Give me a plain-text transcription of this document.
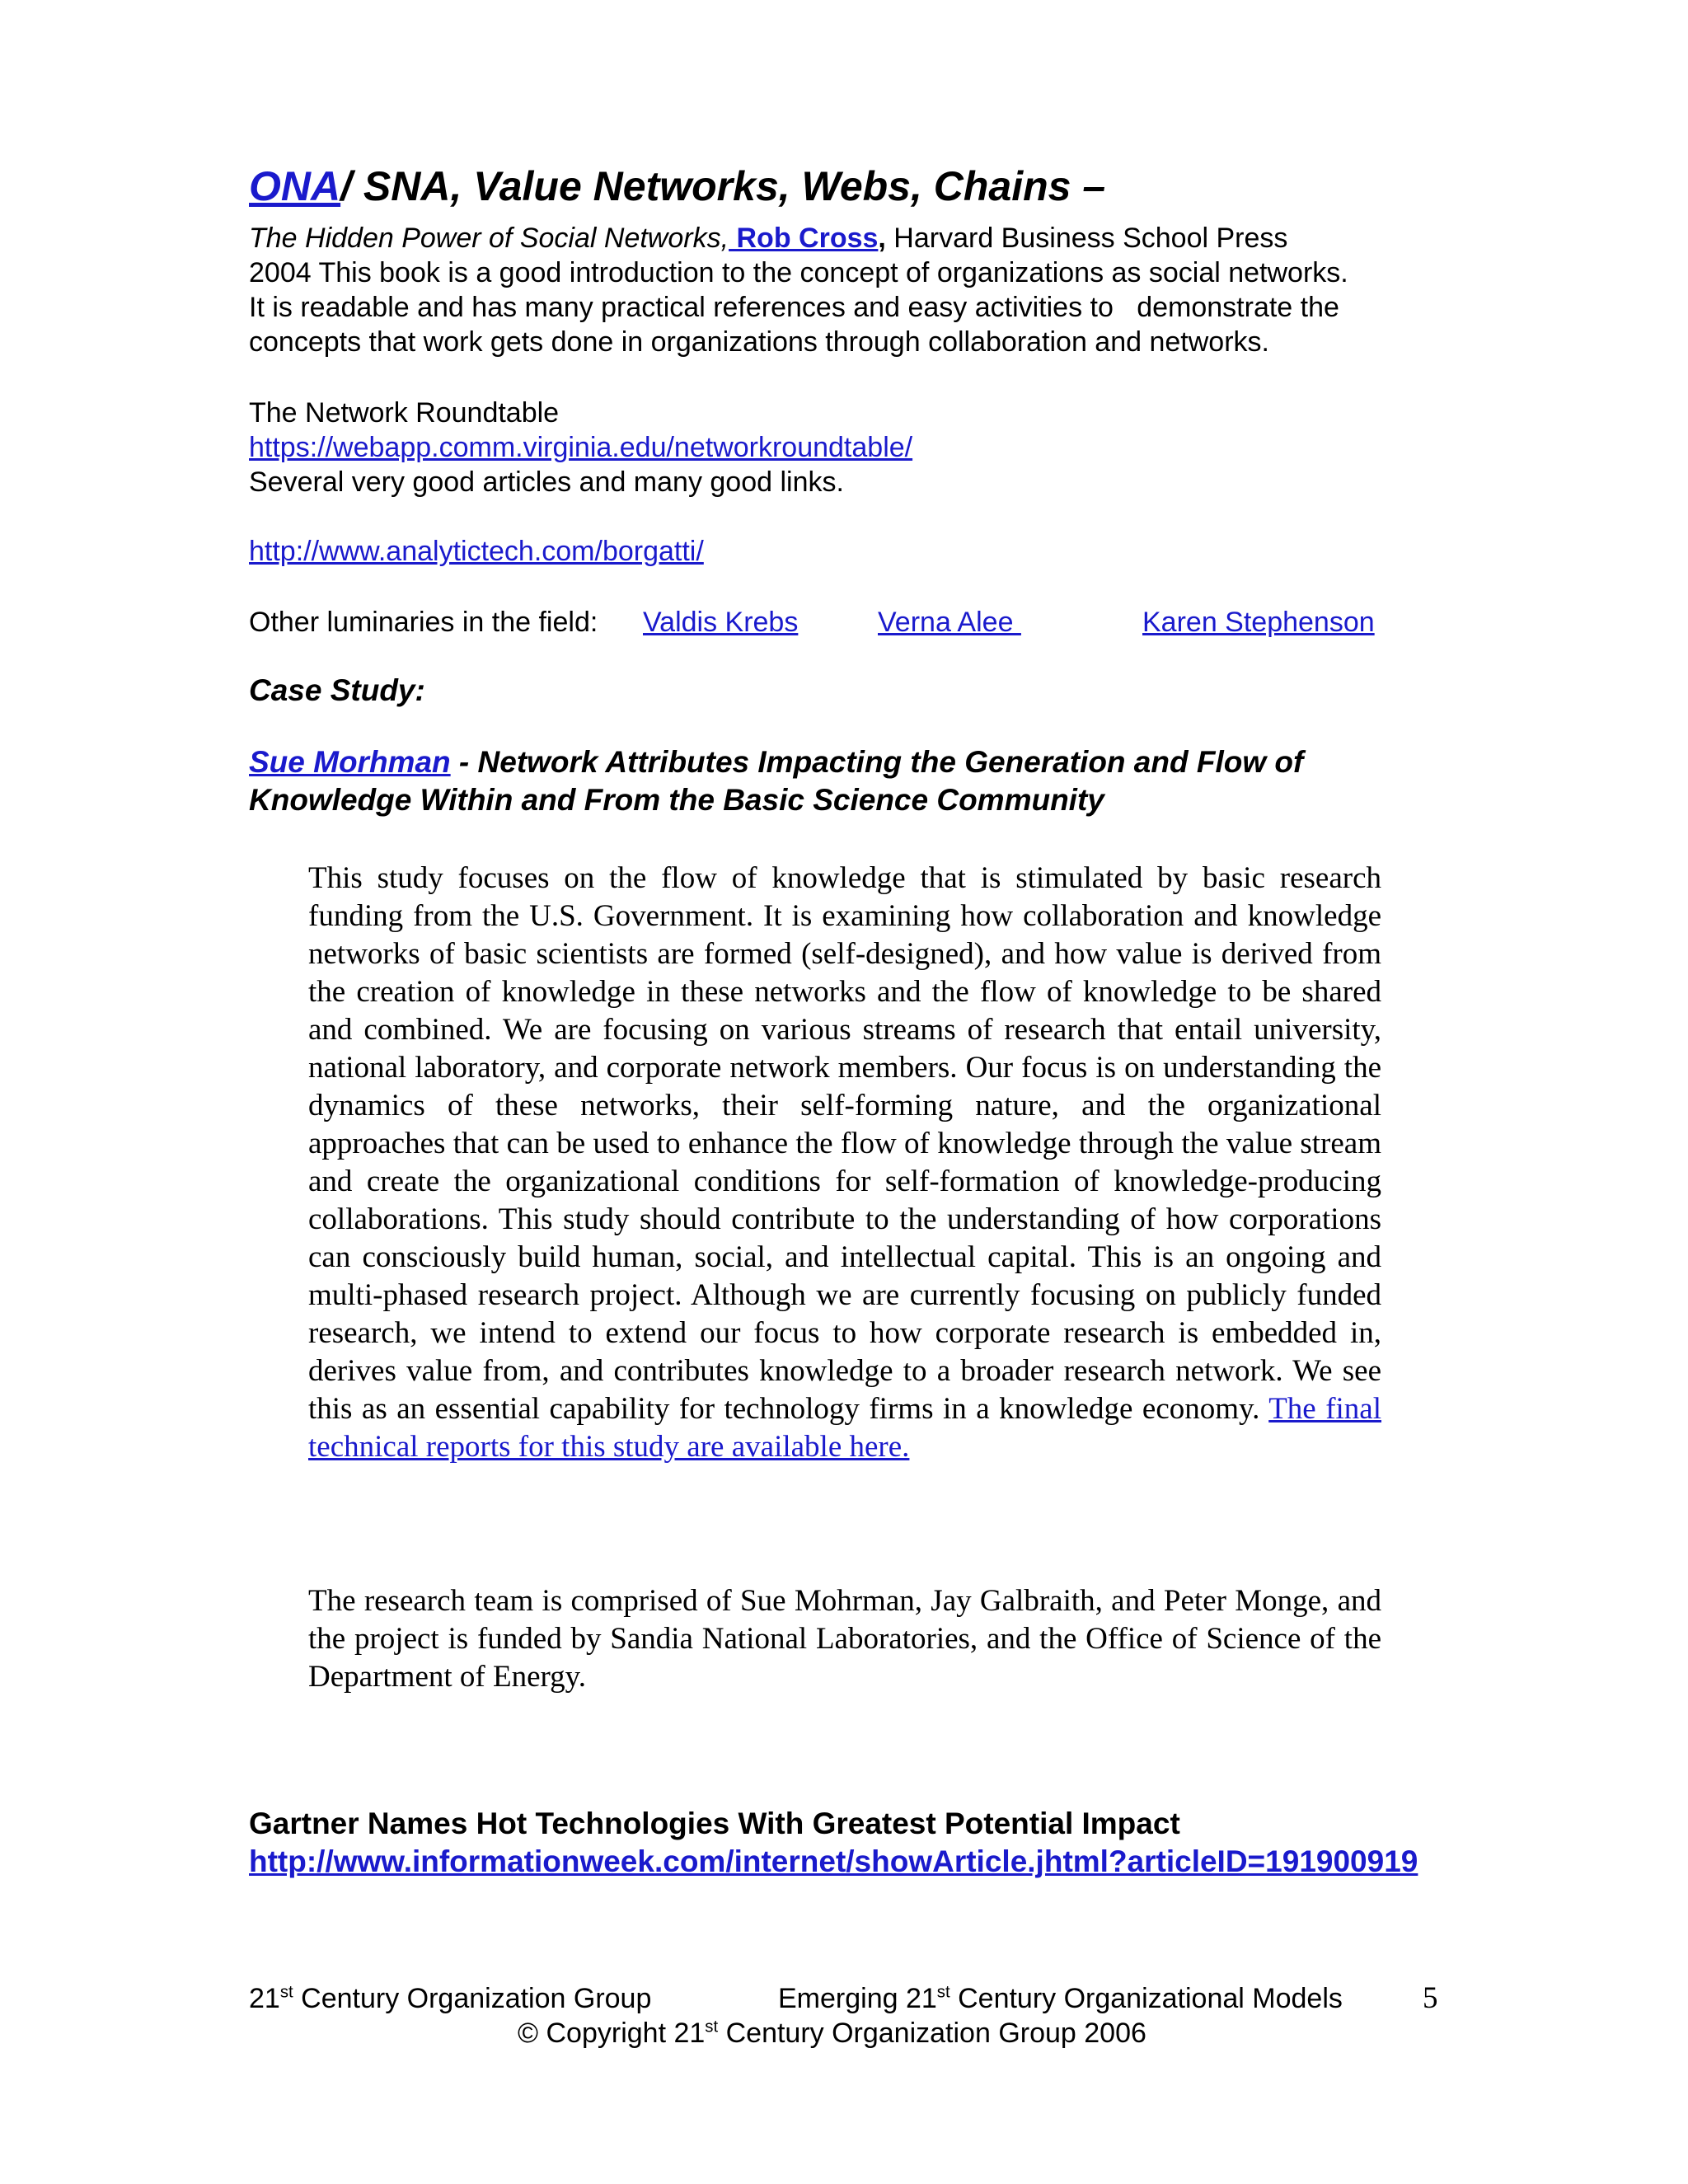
ONA/ SNA, Value Networks, Webs, Chains –
The Hidden Power of Social Networks, Rob Cross, Harvard Business School Press
2004 This book is a good introduction to the concept of organizations as social networks.
It is readable and has many practical references and easy activities to   demonstrate the
concepts that work gets done in organizations through collaboration and networks.
The Network Roundtable
https://webapp.comm.virginia.edu/networkroundtable/
Several very good articles and many good links.
http://www.analytictech.com/borgatti/
Other luminaries in the field: Valdis Krebs	Verna Alee	Karen Stephenson
Case Study:
Sue Morhman - Network Attributes Impacting the Generation and Flow of Knowledge Within and From the Basic Science Community
This study focuses on the flow of knowledge that is stimulated by basic research funding from the U.S. Government. It is examining how collaboration and knowledge networks of basic scientists are formed (self-designed), and how value is derived from the creation of knowledge in these networks and the flow of knowledge to be shared and combined. We are focusing on various streams of research that entail university, national laboratory, and corporate network members. Our focus is on understanding the dynamics of these networks, their self-forming nature, and the organizational approaches that can be used to enhance the flow of knowledge through the value stream and create the organizational conditions for self-formation of knowledge-producing collaborations. This study should contribute to the understanding of how corporations can consciously build human, social, and intellectual capital. This is an ongoing and multi-phased research project. Although we are currently focusing on publicly funded research, we intend to extend our focus to how corporate research is embedded in, derives value from, and contributes knowledge to a broader research network. We see this as an essential capability for technology firms in a knowledge economy. The final technical reports for this study are available here.
The research team is comprised of Sue Mohrman, Jay Galbraith, and Peter Monge, and the project is funded by Sandia National Laboratories, and the Office of Science of the Department of Energy.
Gartner Names Hot Technologies With Greatest Potential Impact
http://www.informationweek.com/internet/showArticle.jhtml?articleID=191900919
21st Century Organization Group	Emerging 21st Century Organizational Models	5
© Copyright 21st Century Organization Group 2006
